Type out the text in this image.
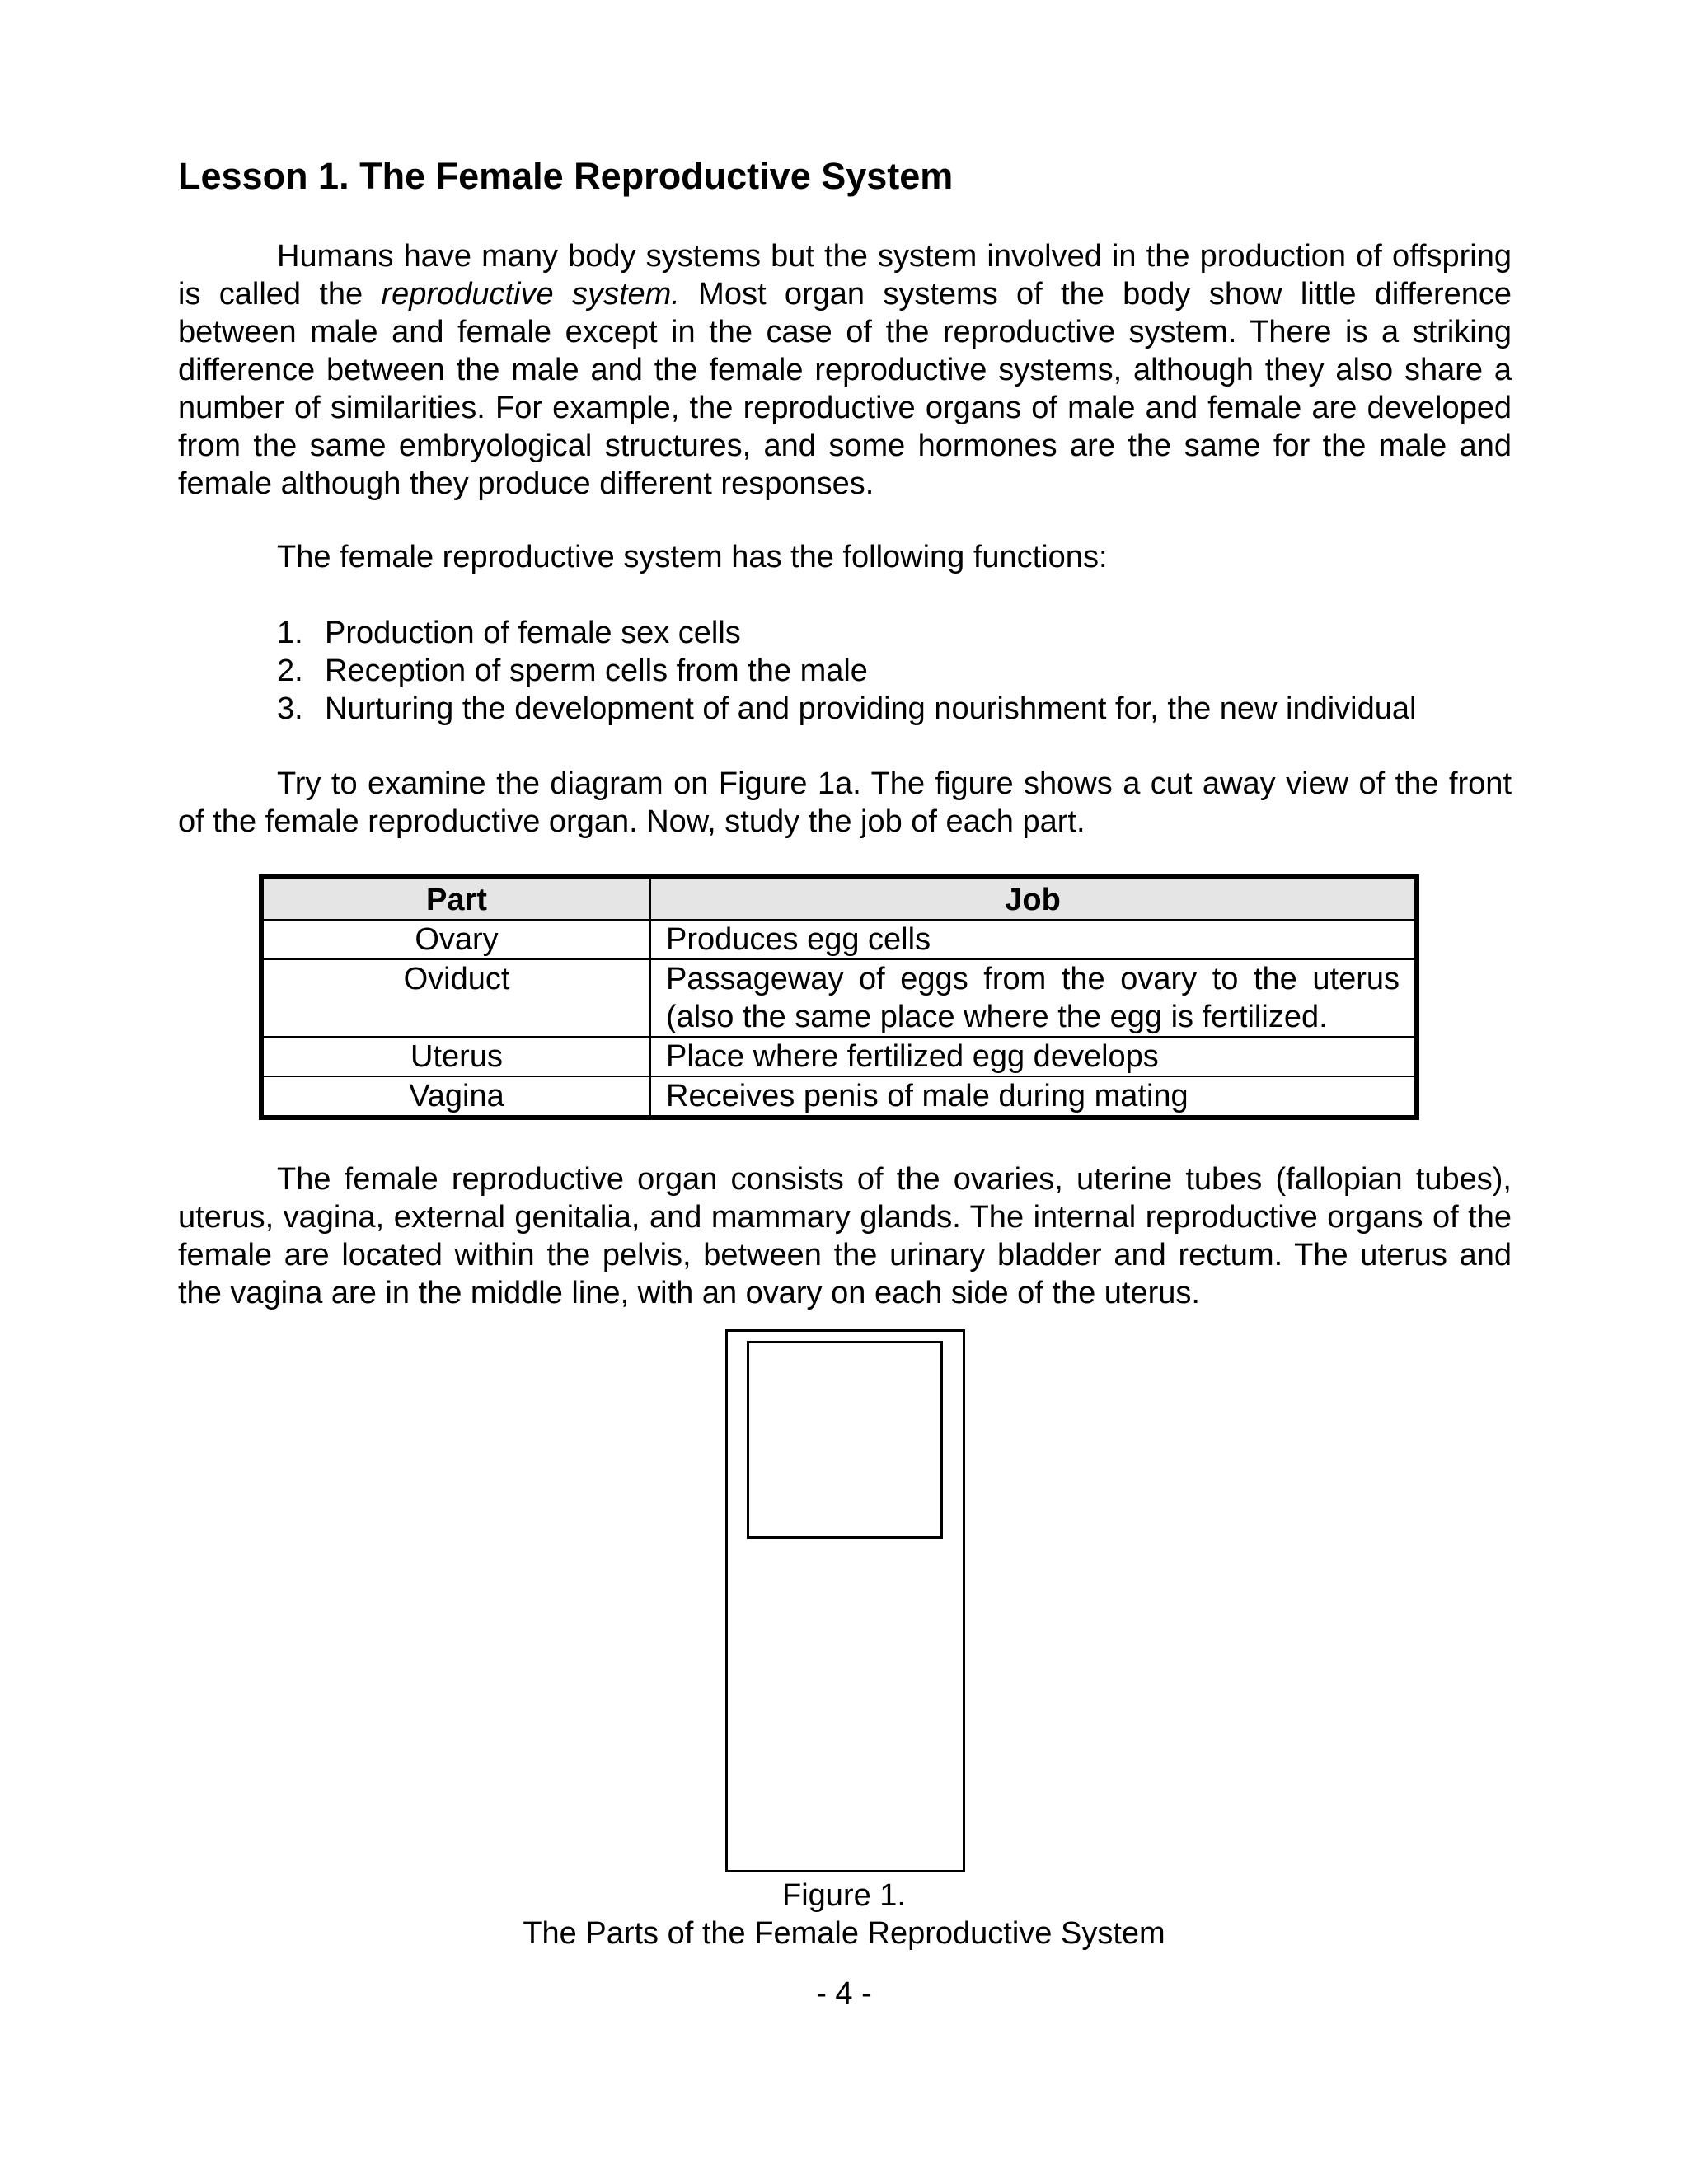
Lesson 1. The Female Reproductive System

Humans have many body systems but the system involved in the production of offspring is called the reproductive system. Most organ systems of the body show little difference between male and female except in the case of the reproductive system. There is a striking difference between the male and the female reproductive systems, although they also share a number of similarities. For example, the reproductive organs of male and female are developed from the same embryological structures, and some hormones are the same for the male and female although they produce different responses.

The female reproductive system has the following functions:

1. Production of female sex cells
2. Reception of sperm cells from the male
3. Nurturing the development of and providing nourishment for, the new individual

Try to examine the diagram on Figure 1a. The figure shows a cut away view of the front of the female reproductive organ. Now, study the job of each part.

Part	Job
Ovary	Produces egg cells
Oviduct	Passageway of eggs from the ovary to the uterus (also the same place where the egg is fertilized.
Uterus	Place where fertilized egg develops
Vagina	Receives penis of male during mating

The female reproductive organ consists of the ovaries, uterine tubes (fallopian tubes), uterus, vagina, external genitalia, and mammary glands. The internal reproductive organs of the female are located within the pelvis, between the urinary bladder and rectum. The uterus and the vagina are in the middle line, with an ovary on each side of the uterus.

Figure 1.

The Parts of the Female Reproductive System

- 4 -
